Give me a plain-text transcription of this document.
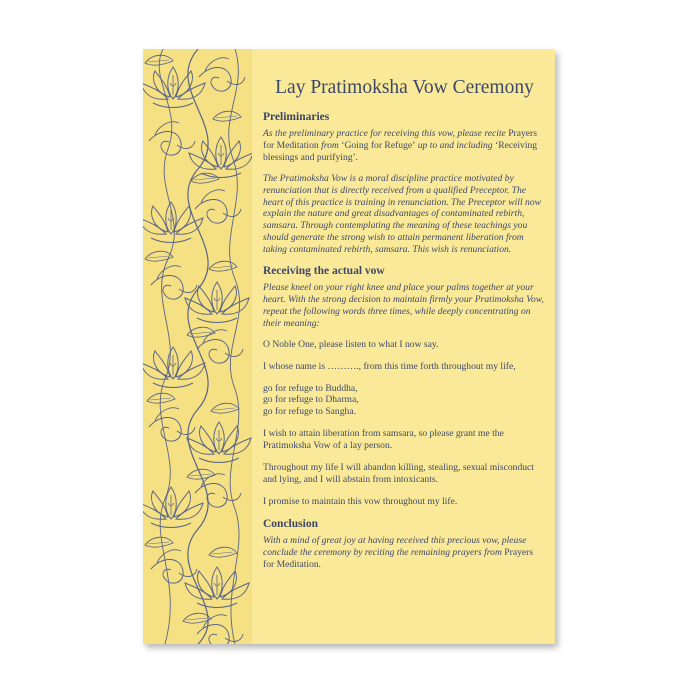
Lay Pratimoksha Vow Ceremony
Preliminaries
As the preliminary practice for receiving this vow, please recite Prayers for Meditation from ‘Going for Refuge’ up to and including ‘Receiving blessings and purifying’.
The Pratimoksha Vow is a moral discipline practice motivated by renunciation that is directly received from a qualified Preceptor. The heart of this practice is training in renunciation. The Preceptor will now explain the nature and great disadvantages of contaminated rebirth, samsara. Through contemplating the meaning of these teachings you should generate the strong wish to attain permanent liberation from taking contaminated rebirth, samsara. This wish is renunciation.
Receiving the actual vow
Please kneel on your right knee and place your palms together at your heart. With the strong decision to maintain firmly your Pratimoksha Vow, repeat the following words three times, while deeply concentrating on their meaning:
O Noble One, please listen to what I now say.
I whose name is ………., from this time forth throughout my life,
go for refuge to Buddha,
go for refuge to Dharma,
go for refuge to Sangha.
I wish to attain liberation from samsara, so please grant me the Pratimoksha Vow of a lay person.
Throughout my life I will abandon killing, stealing, sexual misconduct and lying, and I will abstain from intoxicants.
I promise to maintain this vow throughout my life.
Conclusion
With a mind of great joy at having received this precious vow, please conclude the ceremony by reciting the remaining prayers from Prayers for Meditation.
